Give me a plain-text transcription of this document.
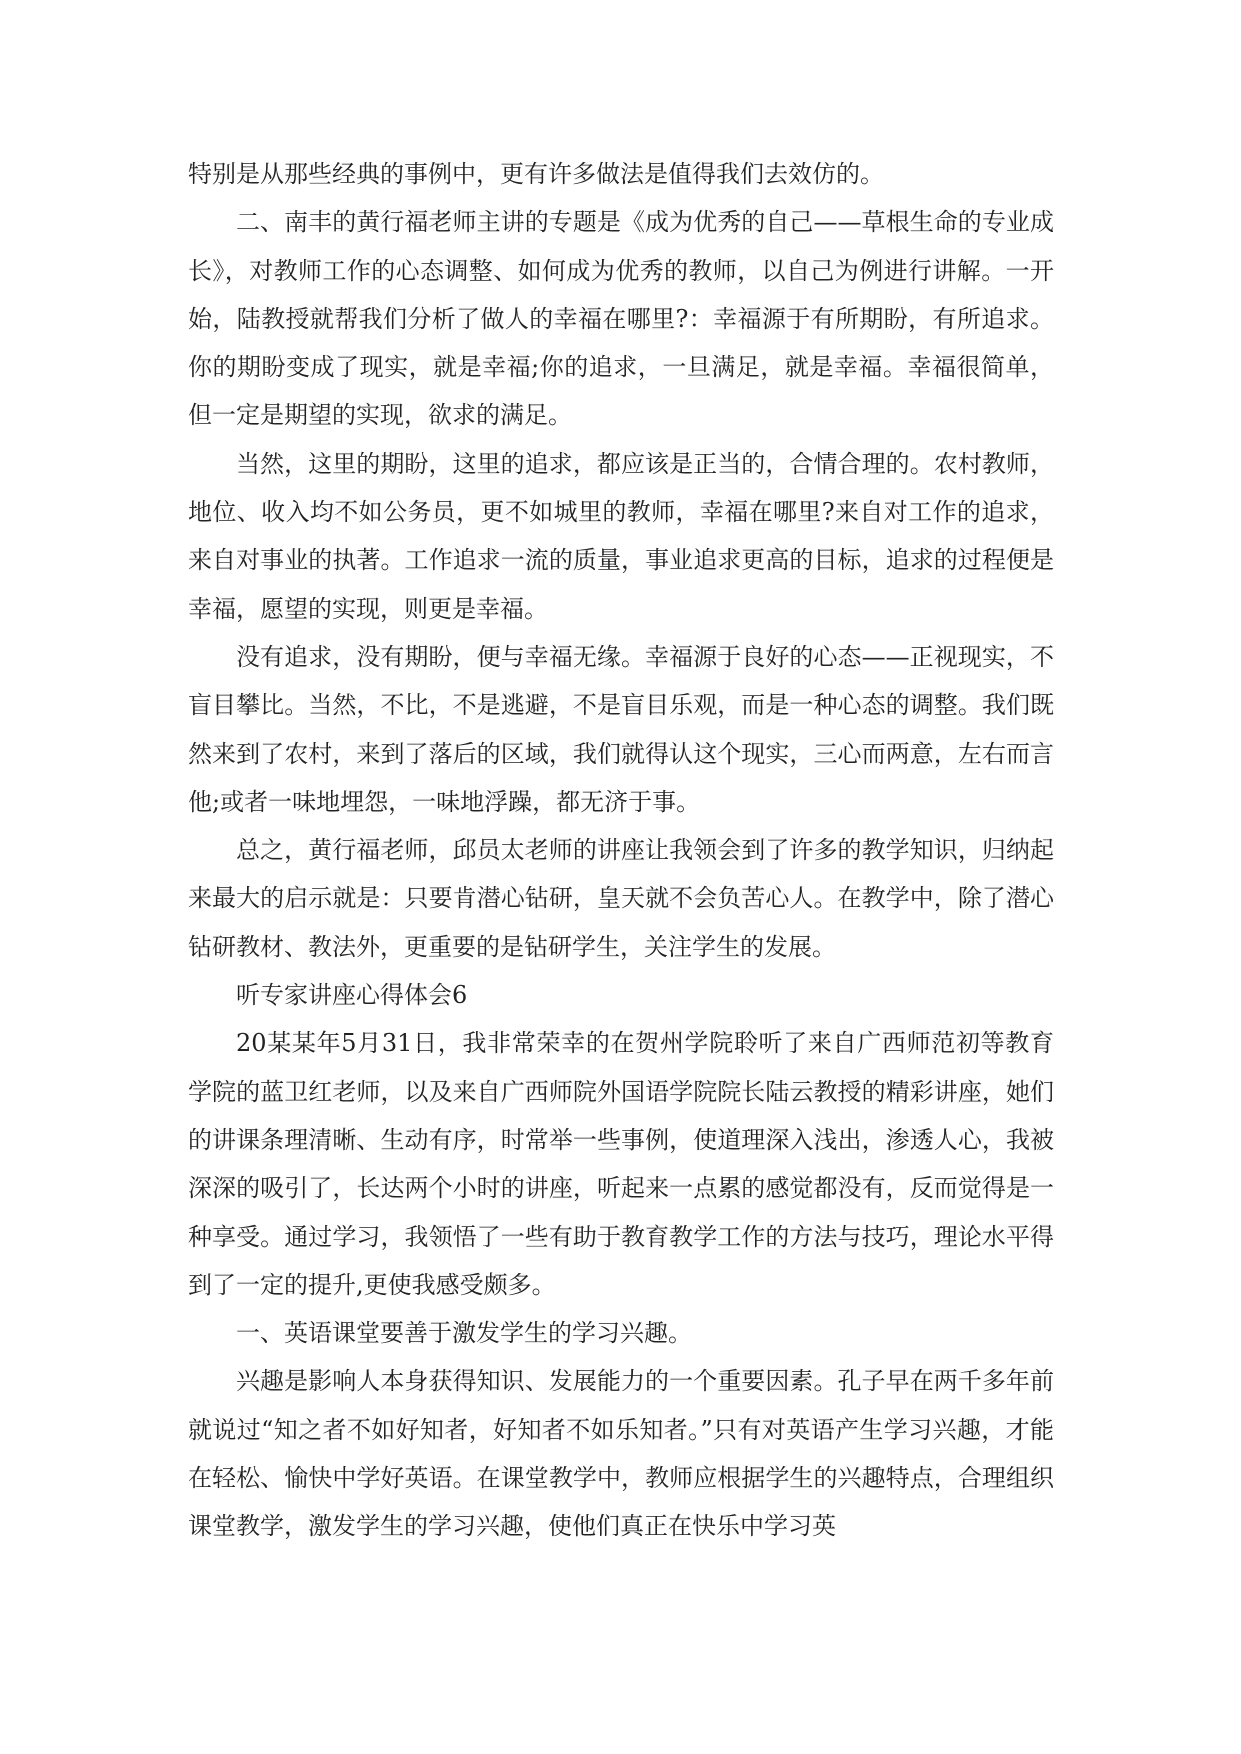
特别是从那些经典的事例中，更有许多做法是值得我们去效仿的。

二、南丰的黄行福老师主讲的专题是《成为优秀的自己——草根生命的专业成长》，对教师工作的心态调整、如何成为优秀的教师，以自己为例进行讲解。一开始，陆教授就帮我们分析了做人的幸福在哪里?：幸福源于有所期盼，有所追求。你的期盼变成了现实，就是幸福;你的追求，一旦满足，就是幸福。幸福很简单，但一定是期望的实现，欲求的满足。

当然，这里的期盼，这里的追求，都应该是正当的，合情合理的。农村教师，地位、收入均不如公务员，更不如城里的教师，幸福在哪里?来自对工作的追求，来自对事业的执著。工作追求一流的质量，事业追求更高的目标，追求的过程便是幸福，愿望的实现，则更是幸福。

没有追求，没有期盼，便与幸福无缘。幸福源于良好的心态——正视现实，不盲目攀比。当然，不比，不是逃避，不是盲目乐观，而是一种心态的调整。我们既然来到了农村，来到了落后的区域，我们就得认这个现实，三心而两意，左右而言他;或者一味地埋怨，一味地浮躁，都无济于事。

总之，黄行福老师，邱员太老师的讲座让我领会到了许多的教学知识，归纳起来最大的启示就是：只要肯潜心钻研，皇天就不会负苦心人。在教学中，除了潜心钻研教材、教法外，更重要的是钻研学生，关注学生的发展。

听专家讲座心得体会6

20某某年5月31日，我非常荣幸的在贺州学院聆听了来自广西师范初等教育学院的蓝卫红老师，以及来自广西师院外国语学院院长陆云教授的精彩讲座，她们的讲课条理清晰、生动有序，时常举一些事例，使道理深入浅出，渗透人心，我被深深的吸引了，长达两个小时的讲座，听起来一点累的感觉都没有，反而觉得是一种享受。通过学习，我领悟了一些有助于教育教学工作的方法与技巧，理论水平得到了一定的提升,更使我感受颇多。

一、英语课堂要善于激发学生的学习兴趣。

兴趣是影响人本身获得知识、发展能力的一个重要因素。孔子早在两千多年前就说过“知之者不如好知者，好知者不如乐知者。”只有对英语产生学习兴趣，才能在轻松、愉快中学好英语。在课堂教学中，教师应根据学生的兴趣特点，合理组织课堂教学，激发学生的学习兴趣，使他们真正在快乐中学习英
